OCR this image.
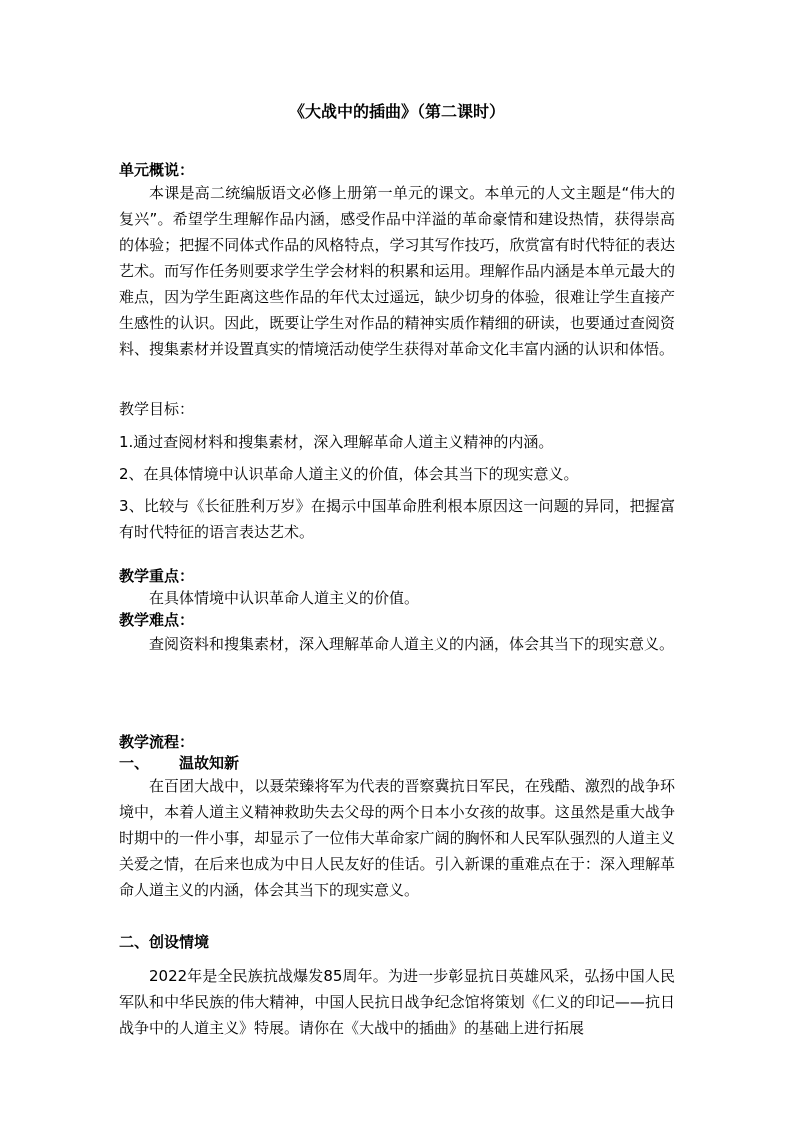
《大战中的插曲》（第二课时）

单元概说：

本课是高二统编版语文必修上册第一单元的课文。本单元的人文主题是“伟大的复兴”。希望学生理解作品内涵，感受作品中洋溢的革命豪情和建设热情，获得崇高的体验；把握不同体式作品的风格特点，学习其写作技巧，欣赏富有时代特征的表达艺术。而写作任务则要求学生学会材料的积累和运用。理解作品内涵是本单元最大的难点，因为学生距离这些作品的年代太过遥远，缺少切身的体验，很难让学生直接产生感性的认识。因此，既要让学生对作品的精神实质作精细的研读，也要通过查阅资料、搜集素材并设置真实的情境活动使学生获得对革命文化丰富内涵的认识和体悟。

教学目标：

1.通过查阅材料和搜集素材，深入理解革命人道主义精神的内涵。

2、在具体情境中认识革命人道主义的价值，体会其当下的现实意义。

3、比较与《长征胜利万岁》在揭示中国革命胜利根本原因这一问题的异同，把握富有时代特征的语言表达艺术。

教学重点：

在具体情境中认识革命人道主义的价值。

教学难点：

查阅资料和搜集素材，深入理解革命人道主义的内涵，体会其当下的现实意义。

教学流程：

一、 温故知新

在百团大战中，以聂荣臻将军为代表的晋察冀抗日军民，在残酷、激烈的战争环境中，本着人道主义精神救助失去父母的两个日本小女孩的故事。这虽然是重大战争时期中的一件小事，却显示了一位伟大革命家广阔的胸怀和人民军队强烈的人道主义关爱之情，在后来也成为中日人民友好的佳话。引入新课的重难点在于：深入理解革命人道主义的内涵，体会其当下的现实意义。

二、创设情境

2022年是全民族抗战爆发85周年。为进一步彰显抗日英雄风采，弘扬中国人民军队和中华民族的伟大精神，中国人民抗日战争纪念馆将策划《仁义的印记——抗日战争中的人道主义》特展。请你在《大战中的插曲》的基础上进行拓展
